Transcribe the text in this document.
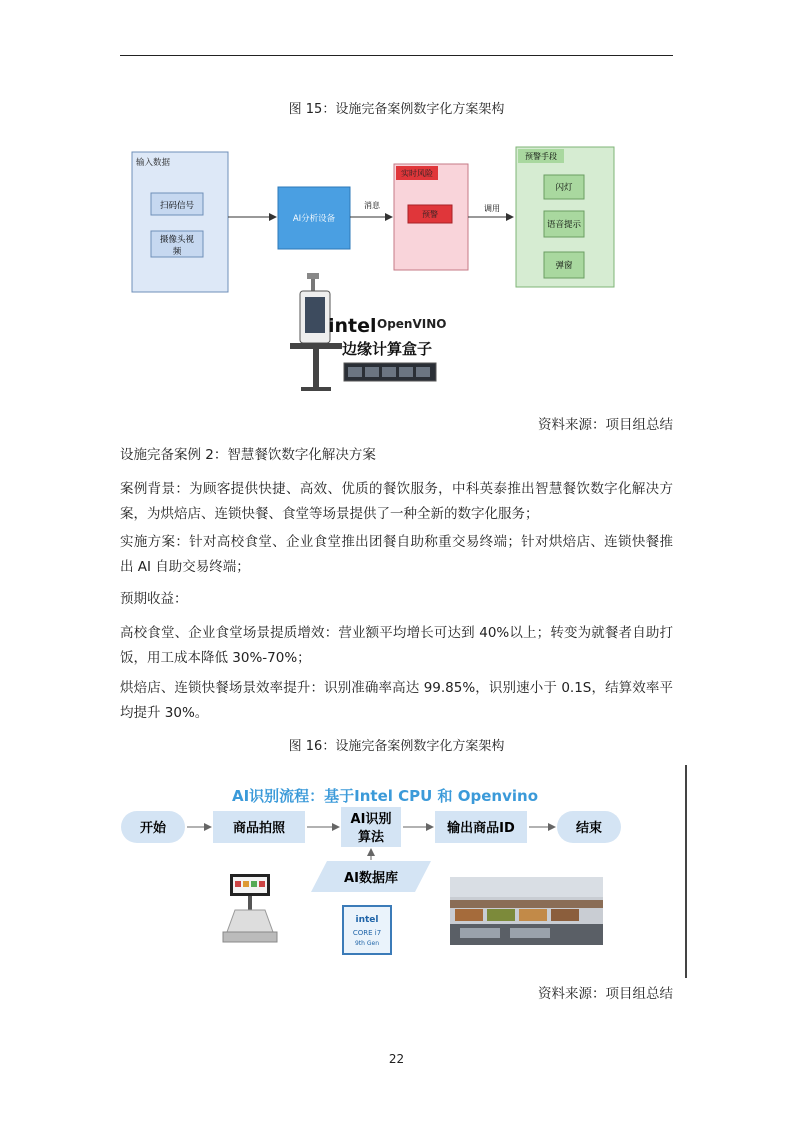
图 15：设施完备案例数字化方案架构
输入数据
扫码信号
摄像头视
频
AI分析设备
消息
实时风险
预警
调用
预警手段
闪灯
语音提示
弹窗
intel OpenVINO
边缘计算盒子
资料来源：项目组总结

设施完备案例 2：智慧餐饮数字化解决方案

案例背景：为顾客提供快捷、高效、优质的餐饮服务，中科英泰推出智慧餐饮数字化解决方案，为烘焙店、连锁快餐、食堂等场景提供了一种全新的数字化服务；

实施方案：针对高校食堂、企业食堂推出团餐自助称重交易终端；针对烘焙店、连锁快餐推出 AI 自助交易终端；

预期收益：

高校食堂、企业食堂场景提质增效：营业额平均增长可达到 40%以上；转变为就餐者自助打饭，用工成本降低 30%-70%；

烘焙店、连锁快餐场景效率提升：识别准确率高达 99.85%，识别速小于 0.1S，结算效率平均提升 30%。

图 16：设施完备案例数字化方案架构
AI识别流程：基于Intel CPU 和 Openvino
开始	商品拍照
AI识别
算法
输出商品ID	结束
AI数据库
intel
CORE i7
9th Gen
资料来源：项目组总结
22
